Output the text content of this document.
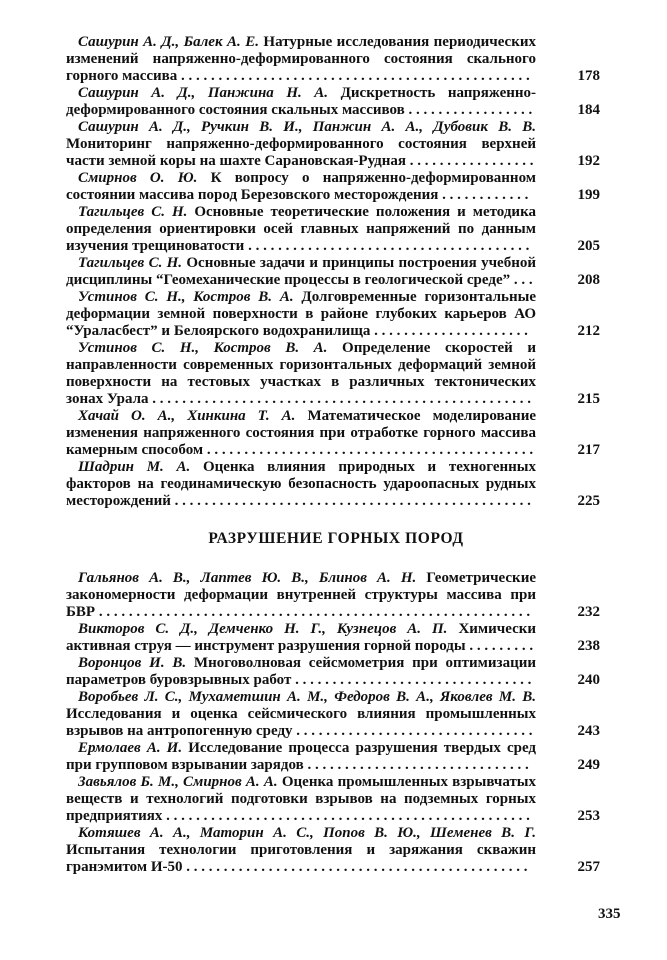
Сашурин А. Д., Балек А. Е. Натурные исследования периодических изменений напряженно-деформированного состояния скального горного массива . . . . . . . . . . . . . . . . . . . . . . . . . . . . . . . . . . . . . . . . . . . . . . .	178

Сашурин А. Д., Панжина Н. А. Дискретность напряженно-деформированного состояния скальных массивов . . . . . . . . . . . . . . . . .	184

Сашурин А. Д., Ручкин В. И., Панжин А. А., Дубовик В. В. Мониторинг напряженно-деформированного состояния верхней части земной коры на шахте Сарановская-Рудная . . . . . . . . . . . . . . . . .	192

Смирнов О. Ю. К вопросу о напряженно-деформированном состоянии массива пород Березовского месторождения . . . . . . . . . . . .	199

Тагильцев С. Н. Основные теоретические положения и методика определения ориентировки осей главных напряжений по данным изучения трещиноватости . . . . . . . . . . . . . . . . . . . . . . . . . . . . . . . . . . . . . .	205

Тагильцев С. Н. Основные задачи и принципы построения учебной дисциплины “Геомеханические процессы в геологической среде” . . .	208

Устинов С. Н., Костров В. А. Долговременные горизонтальные деформации земной поверхности в районе глубоких карьеров АО “Ураласбест” и Белоярского водохранилища . . . . . . . . . . . . . . . . . . . . .	212

Устинов С. Н., Костров В. А. Определение скоростей и направленности современных горизонтальных деформаций земной поверхности на тестовых участках в различных тектонических зонах Урала . . . . . . . . . . . . . . . . . . . . . . . . . . . . . . . . . . . . . . . . . . . . . . . . . . .	215

Хачай О. А., Хинкина Т. А. Математическое моделирование изменения напряженного состояния при отработке горного массива камерным способом . . . . . . . . . . . . . . . . . . . . . . . . . . . . . . . . . . . . . . . . . . . .	217

Шадрин М. А. Оценка влияния природных и техногенных факторов на геодинамическую безопасность удароопасных рудных месторождений . . . . . . . . . . . . . . . . . . . . . . . . . . . . . . . . . . . . . . . . . . . . . . . .	225
РАЗРУШЕНИЕ ГОРНЫХ ПОРОД

Гальянов А. В., Лаптев Ю. В., Блинов А. Н. Геометрические закономерности деформации внутренней структуры массива при БВР . . . . . . . . . . . . . . . . . . . . . . . . . . . . . . . . . . . . . . . . . . . . . . . . . . . . . . . . . .	232

Викторов С. Д., Демченко Н. Г., Кузнецов А. П. Химически активная струя — инструмент разрушения горной породы . . . . . . . . .	238

Воронцов И. В. Многоволновая сейсмометрия при оптимизации параметров буровзрывных работ . . . . . . . . . . . . . . . . . . . . . . . . . . . . . . . .	240

Воробьев Л. С., Мухаметшин А. М., Федоров В. А., Яковлев М. В. Исследования и оценка сейсмического влияния промышленных взрывов на антропогенную среду . . . . . . . . . . . . . . . . . . . . . . . . . . . . . . . .	243

Ермолаев А. И. Исследование процесса разрушения твердых сред при групповом взрывании зарядов . . . . . . . . . . . . . . . . . . . . . . . . . . . . . .	249

Завьялов Б. М., Смирнов А. А. Оценка промышленных взрывчатых веществ и технологий подготовки взрывов на подземных горных предприятиях . . . . . . . . . . . . . . . . . . . . . . . . . . . . . . . . . . . . . . . . . . . . . . . . .	253

Котяшев А. А., Маторин А. С., Попов В. Ю., Шеменев В. Г. Испытания технологии приготовления и заряжания скважин гранэмитом И-50 . . . . . . . . . . . . . . . . . . . . . . . . . . . . . . . . . . . . . . . . . . . . . .	257
335
